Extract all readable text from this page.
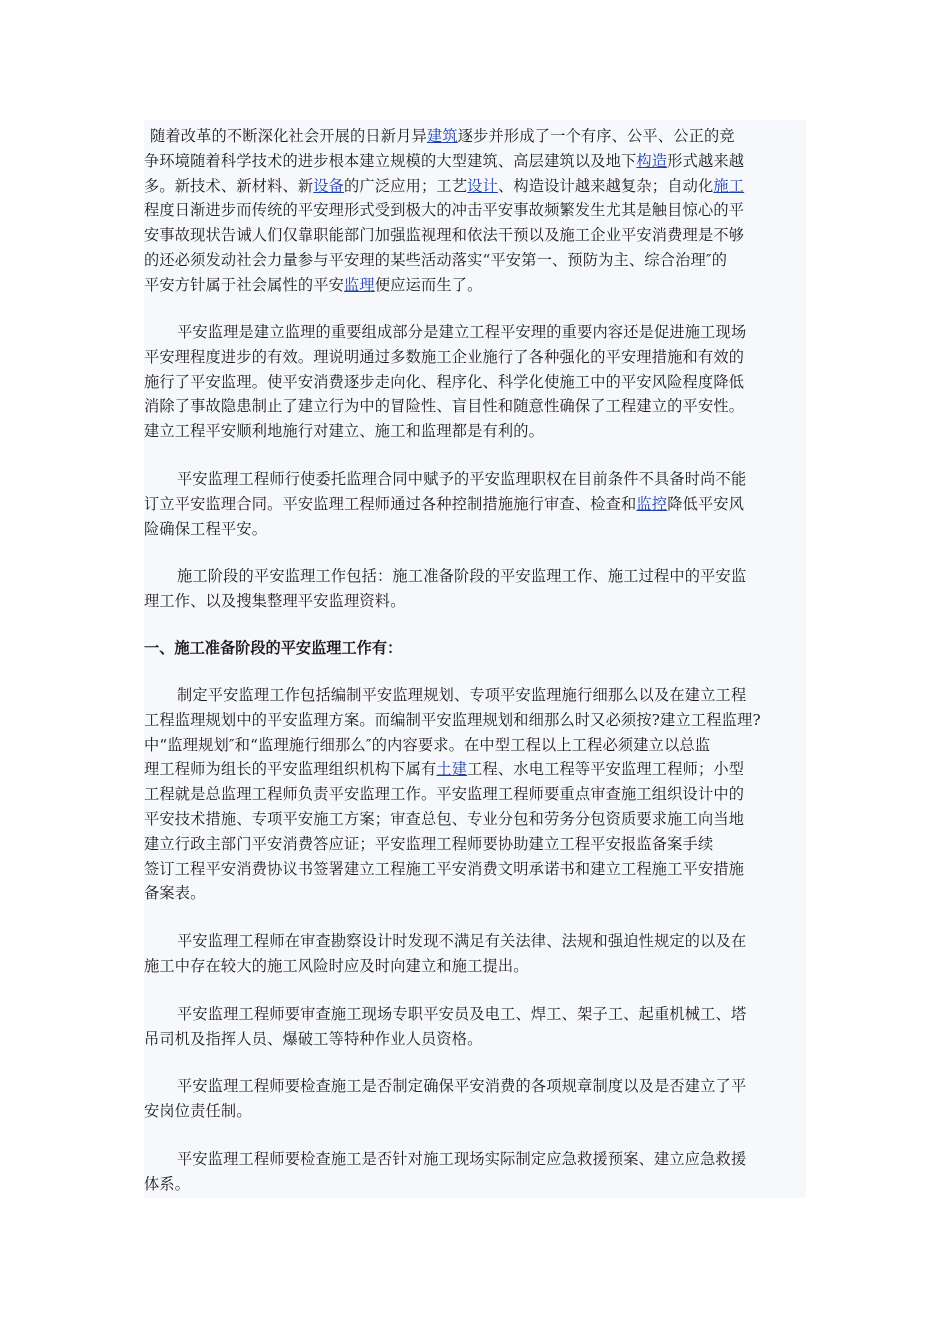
随着改革的不断深化社会开展的日新月异建筑逐步并形成了一个有序、公平、公正的竞
争环境随着科学技术的进步根本建立规模的大型建筑、高层建筑以及地下构造形式越来越
多。新技术、新材料、新设备的广泛应用；工艺设计、构造设计越来越复杂；自动化施工
程度日渐进步而传统的平安理形式受到极大的冲击平安事故频繁发生尤其是触目惊心的平
安事故现状告诫人们仅靠职能部门加强监视理和依法干预以及施工企业平安消费理是不够
的还必须发动社会力量参与平安理的某些活动落实“平安第一、预防为主、综合治理″的
平安方针属于社会属性的平安监理便应运而生了。
平安监理是建立监理的重要组成部分是建立工程平安理的重要内容还是促进施工现场
平安理程度进步的有效。理说明通过多数施工企业施行了各种强化的平安理措施和有效的
施行了平安监理。使平安消费逐步走向化、程序化、科学化使施工中的平安风险程度降低
消除了事故隐患制止了建立行为中的冒险性、盲目性和随意性确保了工程建立的平安性。
建立工程平安顺利地施行对建立、施工和监理都是有利的。
平安监理工程师行使委托监理合同中赋予的平安监理职权在目前条件不具备时尚不能
订立平安监理合同。平安监理工程师通过各种控制措施施行审查、检查和监控降低平安风
险确保工程平安。
施工阶段的平安监理工作包括：施工准备阶段的平安监理工作、施工过程中的平安监
理工作、以及搜集整理平安监理资料。
一、施工准备阶段的平安监理工作有：
制定平安监理工作包括编制平安监理规划、专项平安监理施行细那么以及在建立工程
工程监理规划中的平安监理方案。而编制平安监理规划和细那么时又必须按?建立工程监理?
中“监理规划″和“监理施行细那么″的内容要求。在中型工程以上工程必须建立以总监
理工程师为组长的平安监理组织机构下属有土建工程、水电工程等平安监理工程师；小型
工程就是总监理工程师负责平安监理工作。平安监理工程师要重点审查施工组织设计中的
平安技术措施、专项平安施工方案；审查总包、专业分包和劳务分包资质要求施工向当地
建立行政主部门平安消费答应证；平安监理工程师要协助建立工程平安报监备案手续
签订工程平安消费协议书签署建立工程施工平安消费文明承诺书和建立工程施工平安措施
备案表。
平安监理工程师在审查勘察设计时发现不满足有关法律、法规和强迫性规定的以及在
施工中存在较大的施工风险时应及时向建立和施工提出。
平安监理工程师要审查施工现场专职平安员及电工、焊工、架子工、起重机械工、塔
吊司机及指挥人员、爆破工等特种作业人员资格。
平安监理工程师要检查施工是否制定确保平安消费的各项规章制度以及是否建立了平
安岗位责任制。
平安监理工程师要检查施工是否针对施工现场实际制定应急救援预案、建立应急救援
体系。
